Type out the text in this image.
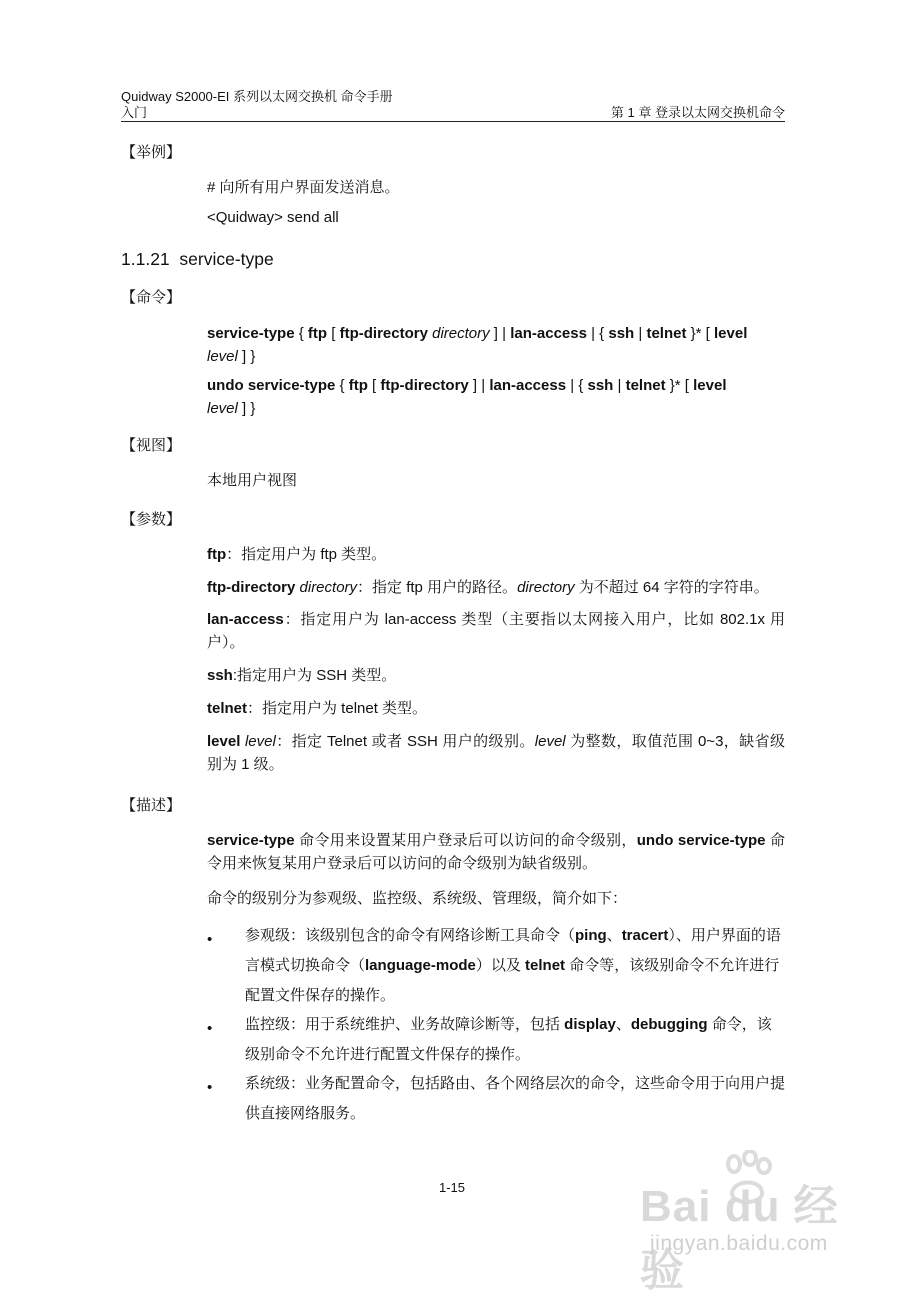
Quidway S2000-EI 系列以太网交换机 命令手册
入门	第 1 章 登录以太网交换机命令
【举例】
# 向所有用户界面发送消息。
<Quidway> send all
1.1.21 service-type
【命令】
service-type { ftp [ ftp-directory directory ] | lan-access | { ssh | telnet }* [ level
level ] }
undo service-type { ftp [ ftp-directory ] | lan-access | { ssh | telnet }* [ level
level ] }
【视图】
本地用户视图
【参数】
ftp：指定用户为 ftp 类型。
ftp-directory directory：指定 ftp 用户的路径。directory 为不超过 64 字符的字符串。
lan-access：指定用户为 lan-access 类型（主要指以太网接入用户，比如 802.1x 用户）。
ssh:指定用户为 SSH 类型。
telnet：指定用户为 telnet 类型。
level level：指定 Telnet 或者 SSH 用户的级别。level 为整数，取值范围 0~3，缺省级别为 1 级。
【描述】
service-type 命令用来设置某用户登录后可以访问的命令级别，undo service-type 命令用来恢复某用户登录后可以访问的命令级别为缺省级别。
命令的级别分为参观级、监控级、系统级、管理级，简介如下：
• 参观级：该级别包含的命令有网络诊断工具命令（ping、tracert）、用户界面的语言模式切换命令（language-mode）以及 telnet 命令等，该级别命令不允许进行配置文件保存的操作。
• 监控级：用于系统维护、业务故障诊断等，包括 display、debugging 命令，该级别命令不允许进行配置文件保存的操作。
• 系统级：业务配置命令，包括路由、各个网络层次的命令，这些命令用于向用户提供直接网络服务。
1-15	Bai du 经验
jingyan.baidu.com
